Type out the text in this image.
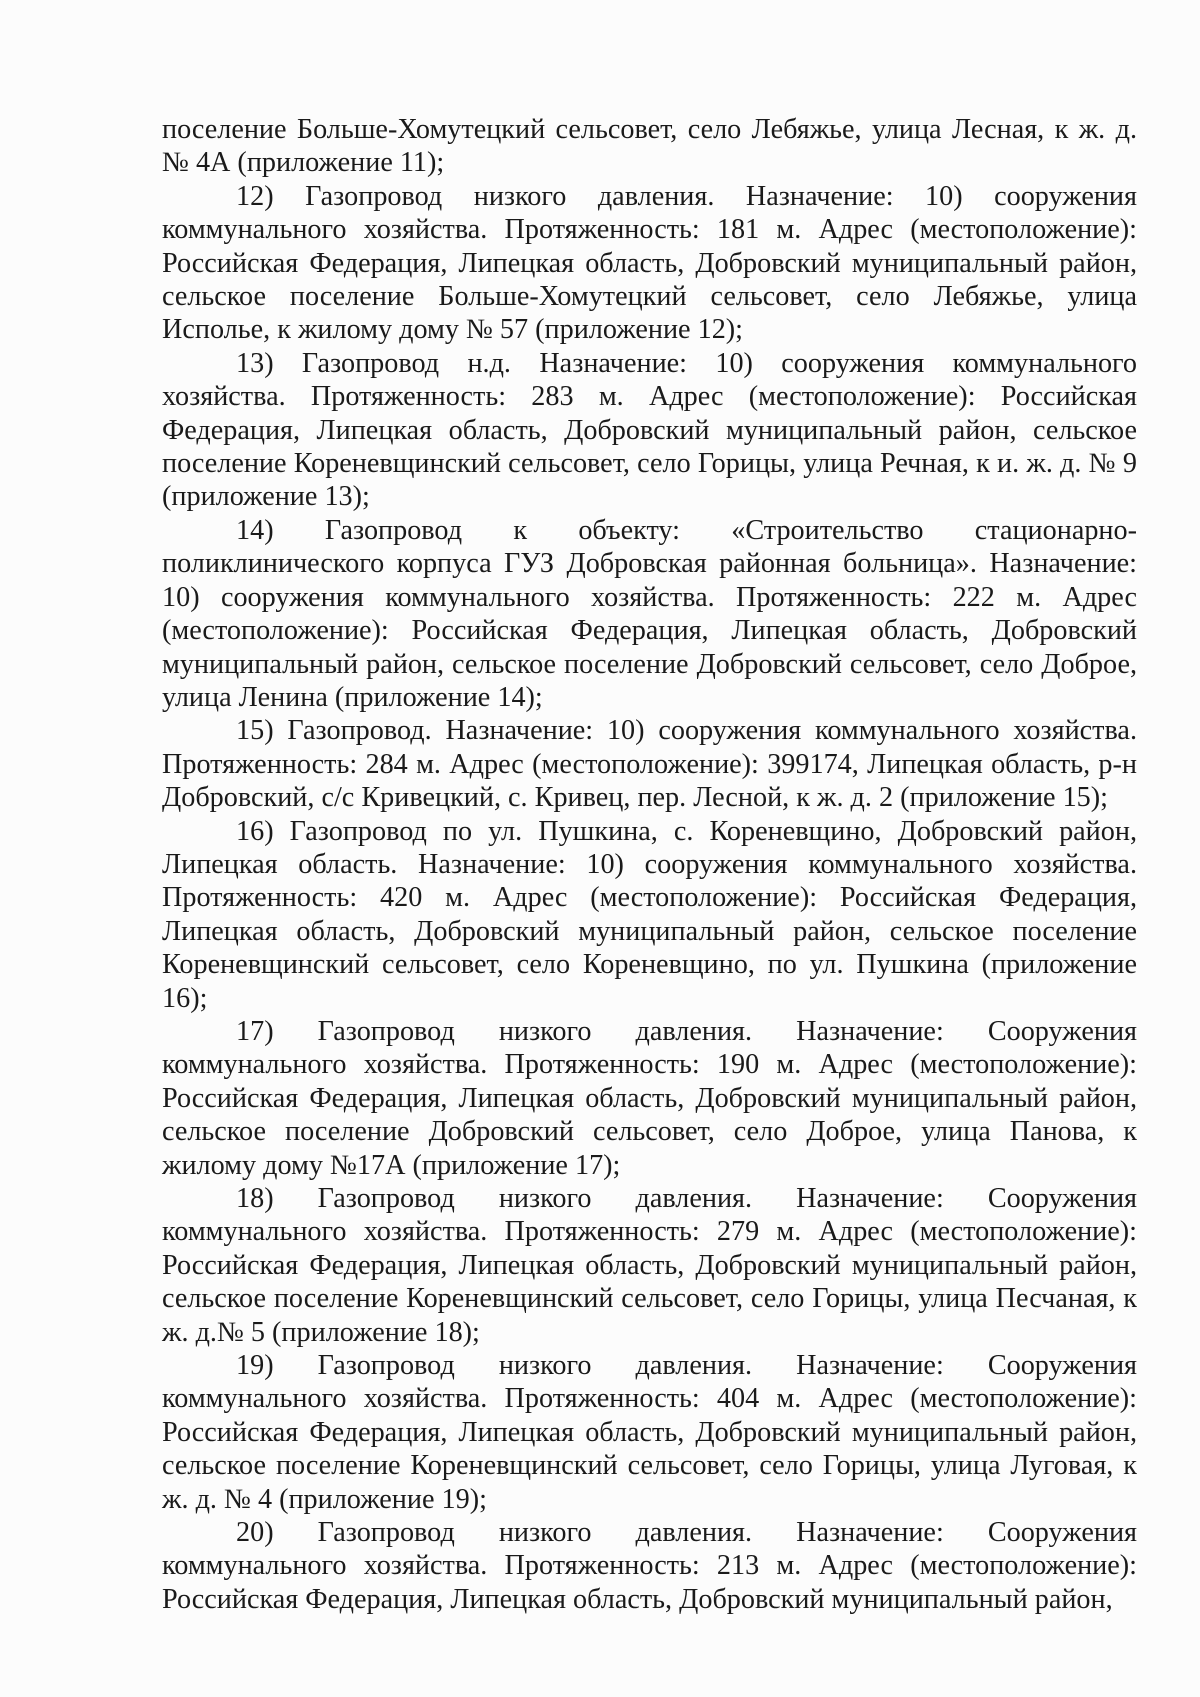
поселение Больше-Хомутецкий сельсовет, село Лебяжье, улица Лесная, к ж. д. № 4А (приложение 11);

12) Газопровод низкого давления. Назначение: 10) сооружения коммунального хозяйства. Протяженность: 181 м. Адрес (местоположение): Российская Федерация, Липецкая область, Добровский муниципальный район, сельское поселение Больше-Хомутецкий сельсовет, село Лебяжье, улица Исполье, к жилому дому № 57 (приложение 12);

13) Газопровод н.д. Назначение: 10) сооружения коммунального хозяйства. Протяженность: 283 м. Адрес (местоположение): Российская Федерация, Липецкая область, Добровский муниципальный район, сельское поселение Кореневщинский сельсовет, село Горицы, улица Речная, к и. ж. д. № 9 (приложение 13);

14) Газопровод к объекту: «Строительство стационарно-поликлинического корпуса ГУЗ Добровская районная больница». Назначение: 10) сооружения коммунального хозяйства. Протяженность: 222 м. Адрес (местоположение): Российская Федерация, Липецкая область, Добровский муниципальный район, сельское поселение Добровский сельсовет, село Доброе, улица Ленина (приложение 14);

15) Газопровод. Назначение: 10) сооружения коммунального хозяйства. Протяженность: 284 м. Адрес (местоположение): 399174, Липецкая область, р-н Добровский, с/с Кривецкий, с. Кривец, пер. Лесной, к ж. д. 2 (приложение 15);

16) Газопровод по ул. Пушкина, с. Кореневщино, Добровский район, Липецкая область. Назначение: 10) сооружения коммунального хозяйства. Протяженность: 420 м. Адрес (местоположение): Российская Федерация, Липецкая область, Добровский муниципальный район, сельское поселение Кореневщинский сельсовет, село Кореневщино, по ул. Пушкина (приложение 16);

17) Газопровод низкого давления. Назначение: Сооружения коммунального хозяйства. Протяженность: 190 м. Адрес (местоположение): Российская Федерация, Липецкая область, Добровский муниципальный район, сельское поселение Добровский сельсовет, село Доброе, улица Панова, к жилому дому №17А (приложение 17);

18) Газопровод низкого давления. Назначение: Сооружения коммунального хозяйства. Протяженность: 279 м. Адрес (местоположение): Российская Федерация, Липецкая область, Добровский муниципальный район, сельское поселение Кореневщинский сельсовет, село Горицы, улица Песчаная, к ж. д.№ 5 (приложение 18);

19) Газопровод низкого давления. Назначение: Сооружения коммунального хозяйства. Протяженность: 404 м. Адрес (местоположение): Российская Федерация, Липецкая область, Добровский муниципальный район, сельское поселение Кореневщинский сельсовет, село Горицы, улица Луговая, к ж. д. № 4 (приложение 19);

20) Газопровод низкого давления. Назначение: Сооружения коммунального хозяйства. Протяженность: 213 м. Адрес (местоположение): Российская Федерация, Липецкая область, Добровский муниципальный район,
